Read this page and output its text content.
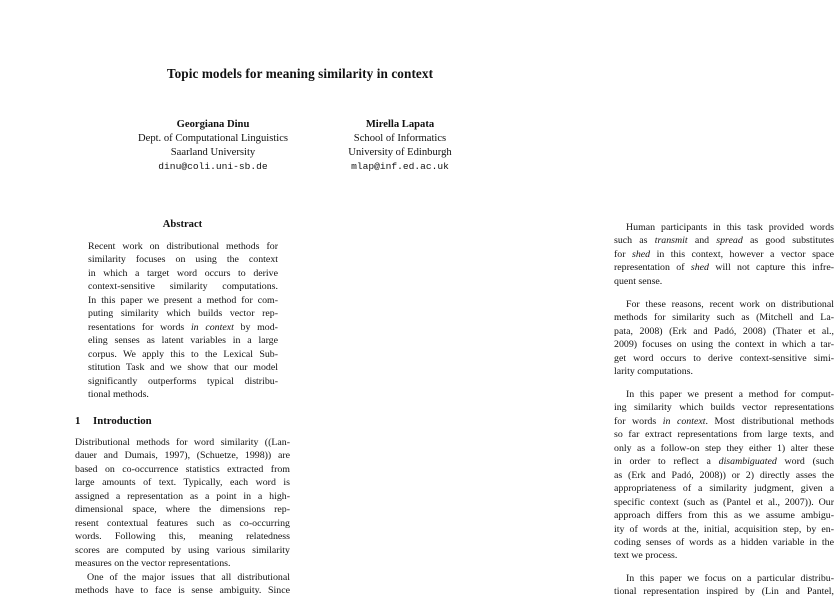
Topic models for meaning similarity in context
Georgiana Dinu
Dept. of Computational Linguistics
Saarland University
dinu@coli.uni-sb.de
Mirella Lapata
School of Informatics
University of Edinburgh
mlap@inf.ed.ac.uk
Abstract
Recent work on distributional methods for
similarity focuses on using the context
in which a target word occurs to derive
context-sensitive similarity computations.
In this paper we present a method for com-
puting similarity which builds vector rep-
resentations for words in context by mod-
eling senses as latent variables in a large
corpus. We apply this to the Lexical Sub-
stitution Task and we show that our model
significantly outperforms typical distribu-
tional methods.
1 Introduction
Distributional methods for word similarity ((Lan-
dauer and Dumais, 1997), (Schuetze, 1998)) are
based on co-occurrence statistics extracted from
large amounts of text. Typically, each word is
assigned a representation as a point in a high-
dimensional space, where the dimensions rep-
resent contextual features such as co-occurring
words. Following this, meaning relatedness
scores are computed by using various similarity
measures on the vector representations.
One of the major issues that all distributional
methods have to face is sense ambiguity. Since
Human participants in this task provided words
such as transmit and spread as good substitutes
for shed in this context, however a vector space
representation of shed will not capture this infre-
quent sense.
For these reasons, recent work on distributional
methods for similarity such as (Mitchell and La-
pata, 2008) (Erk and Padó, 2008) (Thater et al.,
2009) focuses on using the context in which a tar-
get word occurs to derive context-sensitive simi-
larity computations.
In this paper we present a method for comput-
ing similarity which builds vector representations
for words in context. Most distributional methods
so far extract representations from large texts, and
only as a follow-on step they either 1) alter these
in order to reflect a disambiguated word (such
as (Erk and Padó, 2008)) or 2) directly asses the
appropriateness of a similarity judgment, given a
specific context (such as (Pantel et al., 2007)). Our
approach differs from this as we assume ambigu-
ity of words at the, initial, acquisition step, by en-
coding senses of words as a hidden variable in the
text we process.
In this paper we focus on a particular distribu-
tional representation inspired by (Lin and Pantel,
